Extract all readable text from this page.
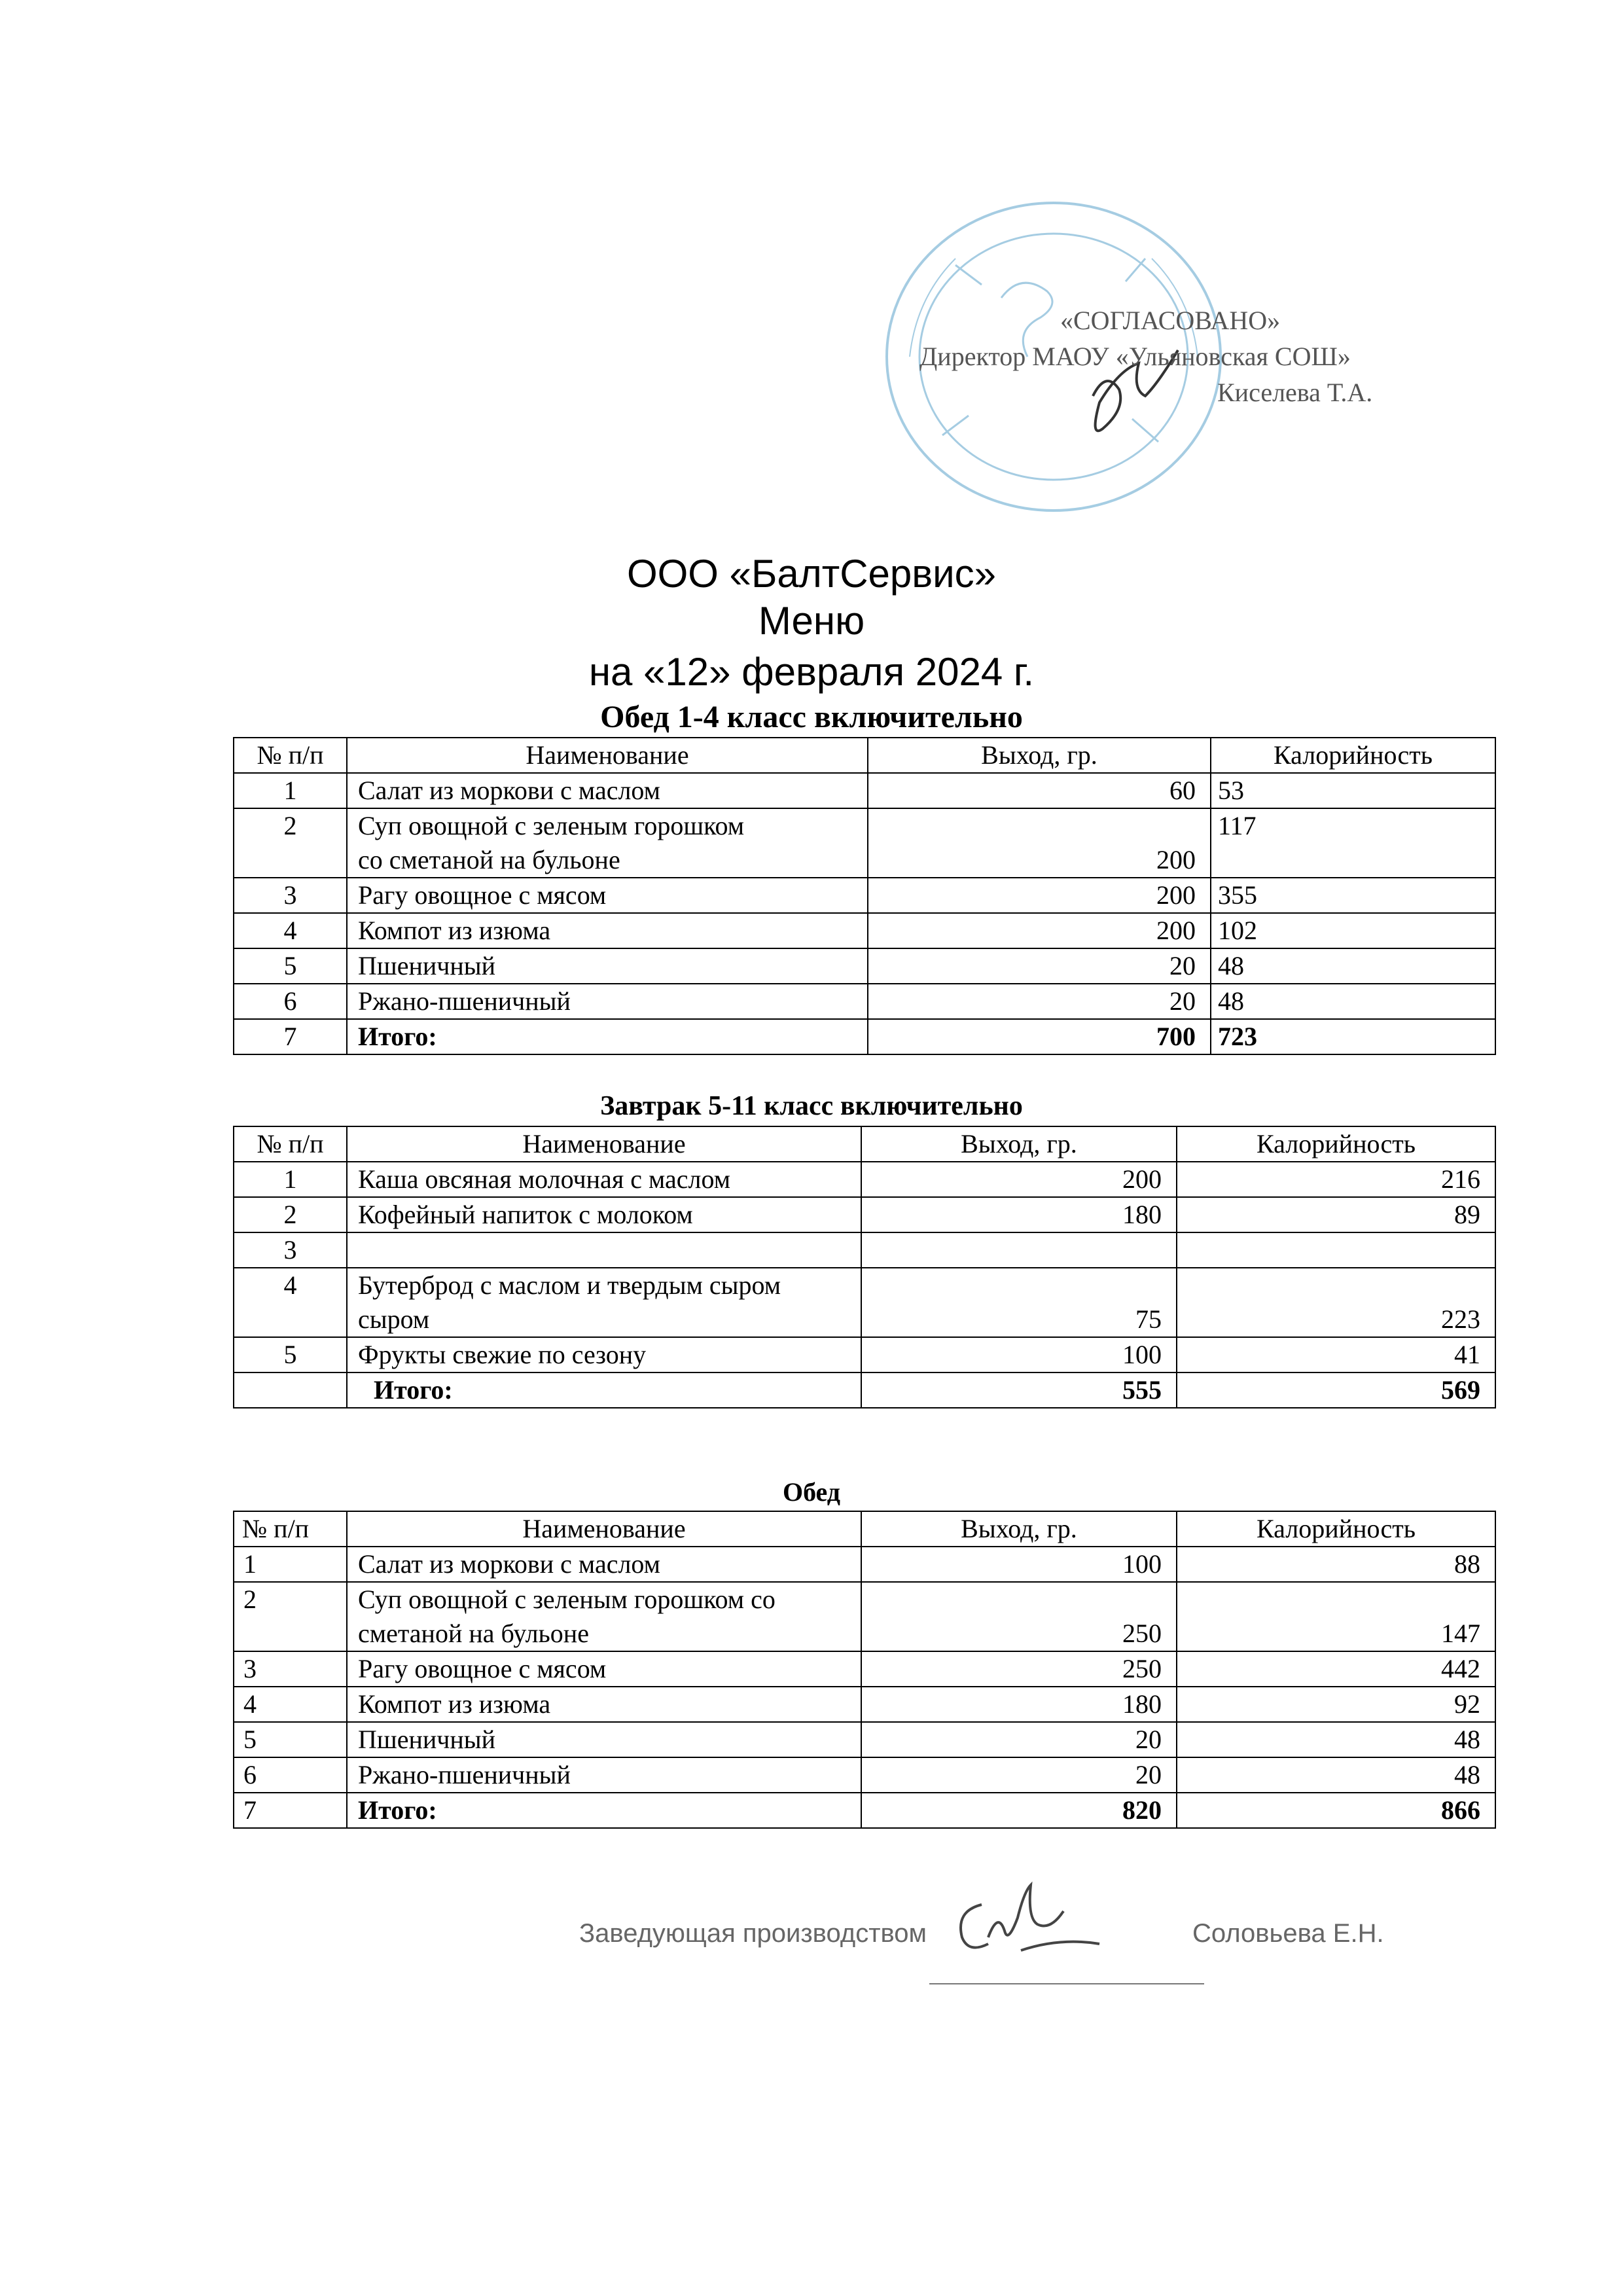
«СОГЛАСОВАНО»
Директор МАОУ «Ульяновская СОШ»
Киселева Т.А.
ООО «БалтСервис»
Меню
на «12» февраля 2024 г.
Обед 1-4 класс включительно
№ п/п	Наименование	Выход, гр.	Калорийность
1	Салат из моркови с маслом	60	53
2	Суп овощной с зеленым горошком
со сметаной на бульоне	200	117
3	Рагу овощное с мясом	200	355
4	Компот из изюма	200	102
5	Пшеничный	20	48
6	Ржано-пшеничный	20	48
7	Итого:	700	723
Завтрак 5-11 класс включительно
№ п/п	Наименование	Выход, гр.	Калорийность
1	Каша овсяная молочная с маслом	200	216
2	Кофейный напиток с молоком	180	89
3			
4	Бутерброд с маслом и твердым сыром
сыром	75	223
5	Фрукты свежие по сезону	100	41
	Итого:	555	569
Обед
№ п/п	Наименование	Выход, гр.	Калорийность
1	Салат из моркови с маслом	100	88
2	Суп овощной с зеленым горошком со
сметаной на бульоне	250	147
3	Рагу овощное с мясом	250	442
4	Компот из изюма	180	92
5	Пшеничный	20	48
6	Ржано-пшеничный	20	48
7	Итого:	820	866
Заведующая производством	Соловьева Е.Н.
